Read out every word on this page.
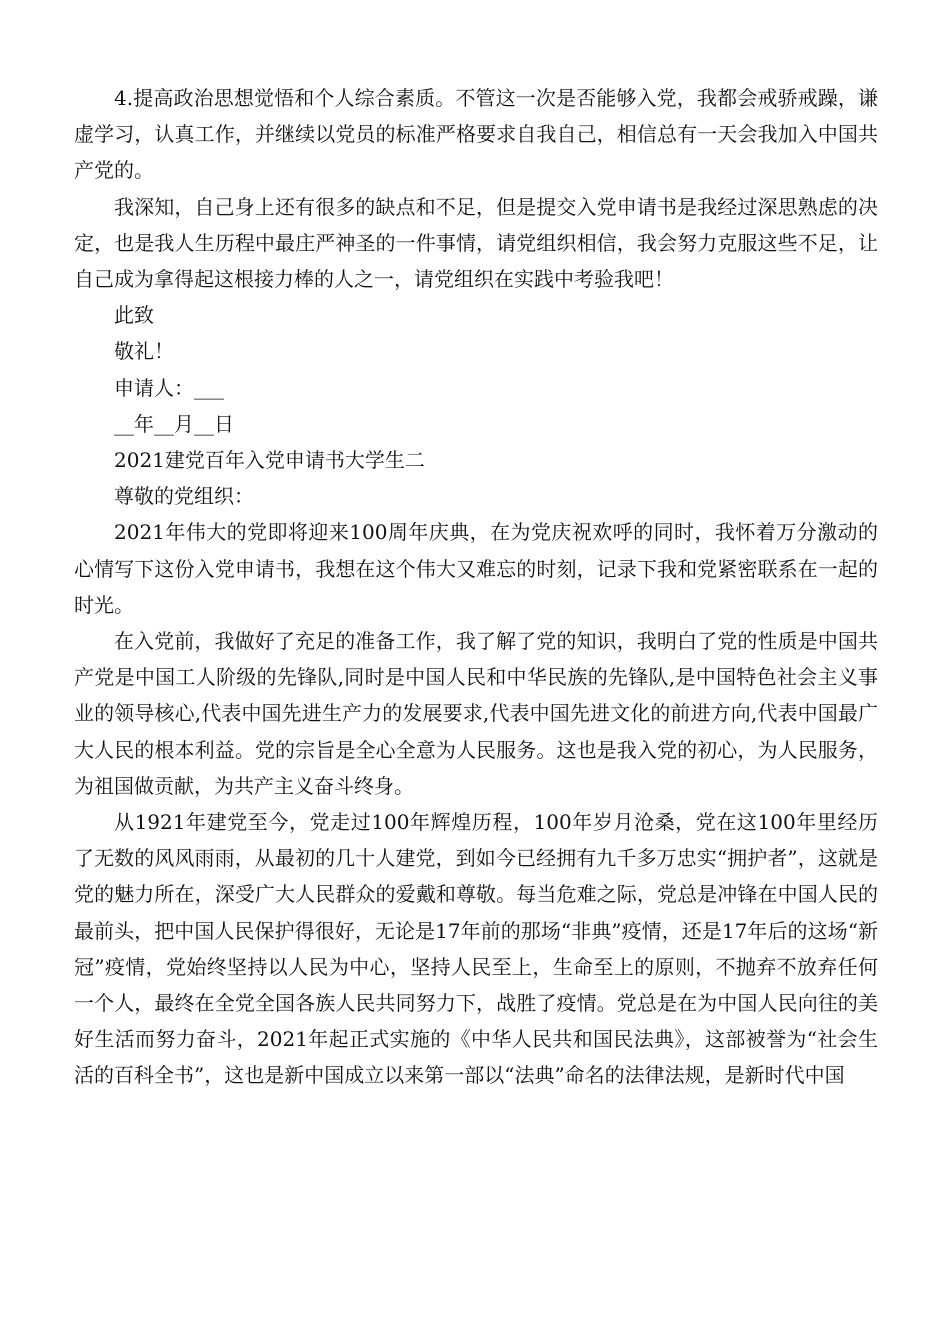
4.提高政治思想觉悟和个人综合素质。不管这一次是否能够入党，我都会戒骄戒躁，谦虚学习，认真工作，并继续以党员的标准严格要求自我自己，相信总有一天会我加入中国共产党的。

我深知，自己身上还有很多的缺点和不足，但是提交入党申请书是我经过深思熟虑的决定，也是我人生历程中最庄严神圣的一件事情，请党组织相信，我会努力克服这些不足，让自己成为拿得起这根接力棒的人之一，请党组织在实践中考验我吧！

此致

敬礼！

申请人：___

__年__月__日

2021建党百年入党申请书大学生二

尊敬的党组织：

2021年伟大的党即将迎来100周年庆典，在为党庆祝欢呼的同时，我怀着万分激动的心情写下这份入党申请书，我想在这个伟大又难忘的时刻，记录下我和党紧密联系在一起的时光。

在入党前，我做好了充足的准备工作，我了解了党的知识，我明白了党的性质是中国共产党是中国工人阶级的先锋队,同时是中国人民和中华民族的先锋队,是中国特色社会主义事业的领导核心,代表中国先进生产力的发展要求,代表中国先进文化的前进方向,代表中国最广大人民的根本利益。党的宗旨是全心全意为人民服务。这也是我入党的初心，为人民服务，为祖国做贡献，为共产主义奋斗终身。

从1921年建党至今，党走过100年辉煌历程，100年岁月沧桑，党在这100年里经历了无数的风风雨雨，从最初的几十人建党，到如今已经拥有九千多万忠实“拥护者”，这就是党的魅力所在，深受广大人民群众的爱戴和尊敬。每当危难之际，党总是冲锋在中国人民的最前头，把中国人民保护得很好，无论是17年前的那场“非典”疫情，还是17年后的这场“新冠”疫情，党始终坚持以人民为中心，坚持人民至上，生命至上的原则，不抛弃不放弃任何一个人，最终在全党全国各族人民共同努力下，战胜了疫情。党总是在为中国人民向往的美好生活而努力奋斗，2021年起正式实施的《中华人民共和国民法典》，这部被誉为“社会生活的百科全书”，这也是新中国成立以来第一部以“法典”命名的法律法规，是新时代中国
